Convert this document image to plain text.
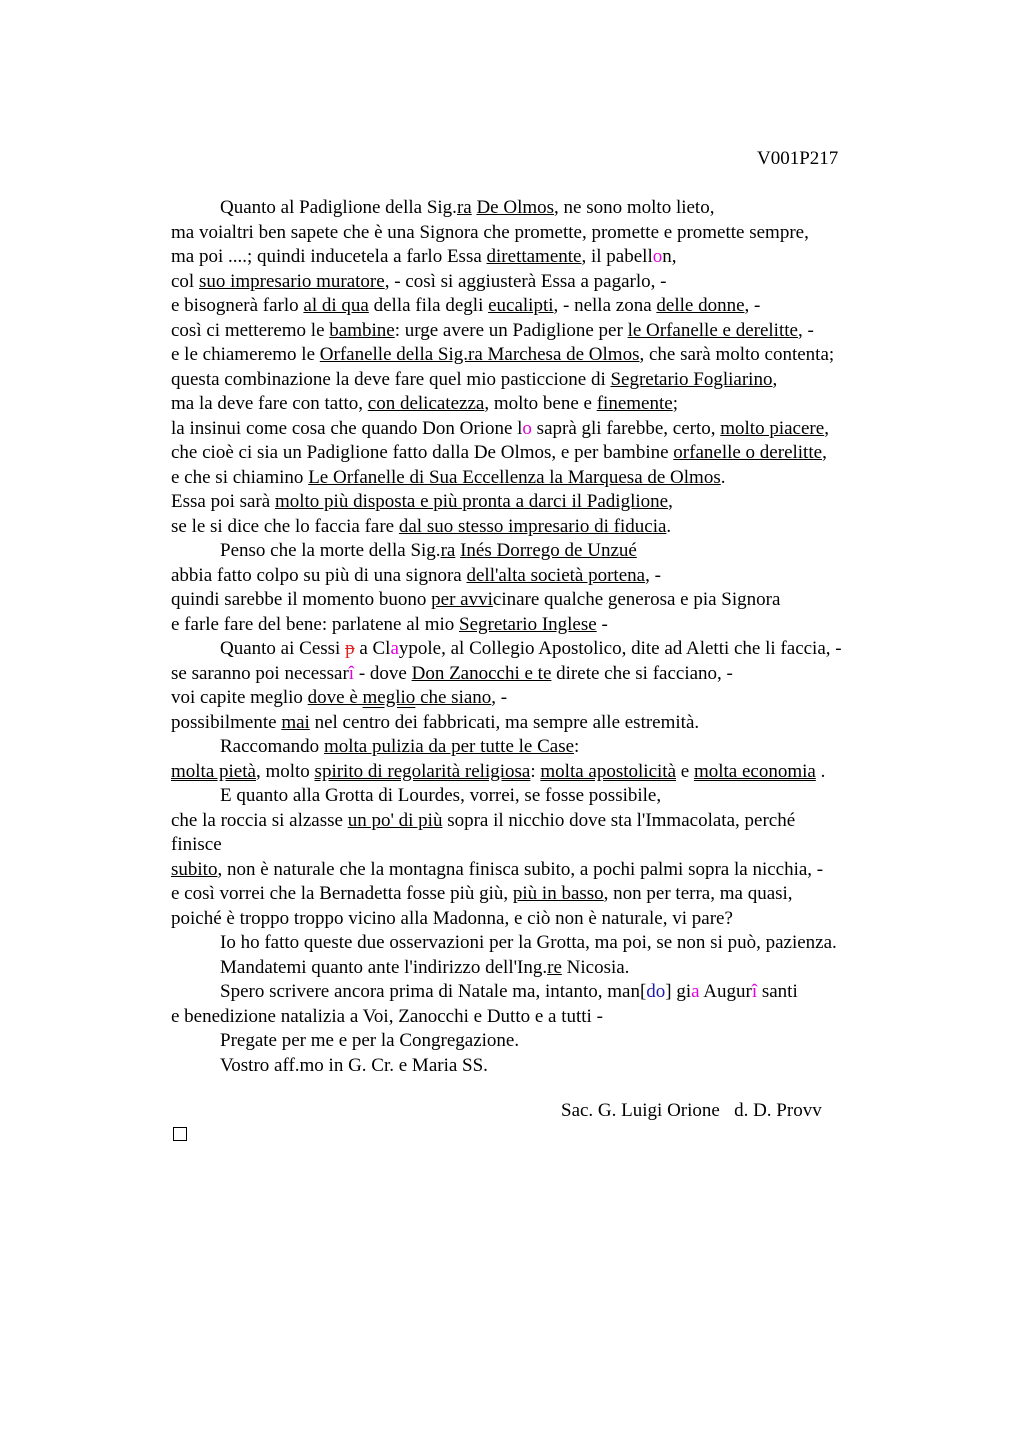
V001P217
Quanto al Padiglione della Sig.ra De Olmos, ne sono molto lieto,
ma voialtri ben sapete che è una Signora che promette, promette e promette sempre,
ma poi ....; quindi inducetela a farlo Essa direttamente, il pabellon,
col suo impresario muratore, - così si aggiusterà Essa a pagarlo, -
e bisognerà farlo al di qua della fila degli eucalipti, - nella zona delle donne, -
così ci metteremo le bambine: urge avere un Padiglione per le Orfanelle e derelitte, -
e le chiameremo le Orfanelle della Sig.ra Marchesa de Olmos, che sarà molto contenta;
questa combinazione la deve fare quel mio pasticcione di Segretario Fogliarino,
ma la deve fare con tatto, con delicatezza, molto bene e finemente;
la insinui come cosa che quando Don Orione lo saprà gli farebbe, certo, molto piacere,
che cioè ci sia un Padiglione fatto dalla De Olmos, e per bambine orfanelle o derelitte,
e che si chiamino Le Orfanelle di Sua Eccellenza la Marquesa de Olmos.
Essa poi sarà molto più disposta e più pronta a darci il Padiglione,
se le si dice che lo faccia fare dal suo stesso impresario di fiducia.
Penso che la morte della Sig.ra Inés Dorrego de Unzué
abbia fatto colpo su più di una signora dell'alta società portena, -
quindi sarebbe il momento buono per avvicinare qualche generosa e pia Signora
e farle fare del bene: parlatene al mio Segretario Inglese -
Quanto ai Cessi p a Claypole, al Collegio Apostolico, dite ad Aletti che li faccia, -
se saranno poi necessarî - dove Don Zanocchi e te direte che si facciano, -
voi capite meglio dove è meglio che siano, -
possibilmente mai nel centro dei fabbricati, ma sempre alle estremità.
Raccomando molta pulizia da per tutte le Case:
molta pietà, molto spirito di regolarità religiosa: molta apostolicità e molta economia .
E quanto alla Grotta di Lourdes, vorrei, se fosse possibile,
che la roccia si alzasse un po' di più sopra il nicchio dove sta l'Immacolata, perché
finisce
subito, non è naturale che la montagna finisca subito, a pochi palmi sopra la nicchia, -
e così vorrei che la Bernadetta fosse più giù, più in basso, non per terra, ma quasi,
poiché è troppo troppo vicino alla Madonna, e ciò non è naturale, vi pare?
Io ho fatto queste due osservazioni per la Grotta, ma poi, se non si può, pazienza.
Mandatemi quanto ante l'indirizzo dell'Ing.re Nicosia.
Spero scrivere ancora prima di Natale ma, intanto, man[do] gia Augurî santi
e benedizione natalizia a Voi, Zanocchi e Dutto e a tutti -
Pregate per me e per la Congregazione.
Vostro aff.mo in G. Cr. e Maria SS.
Sac. G. Luigi Orione   d. D. Provv
